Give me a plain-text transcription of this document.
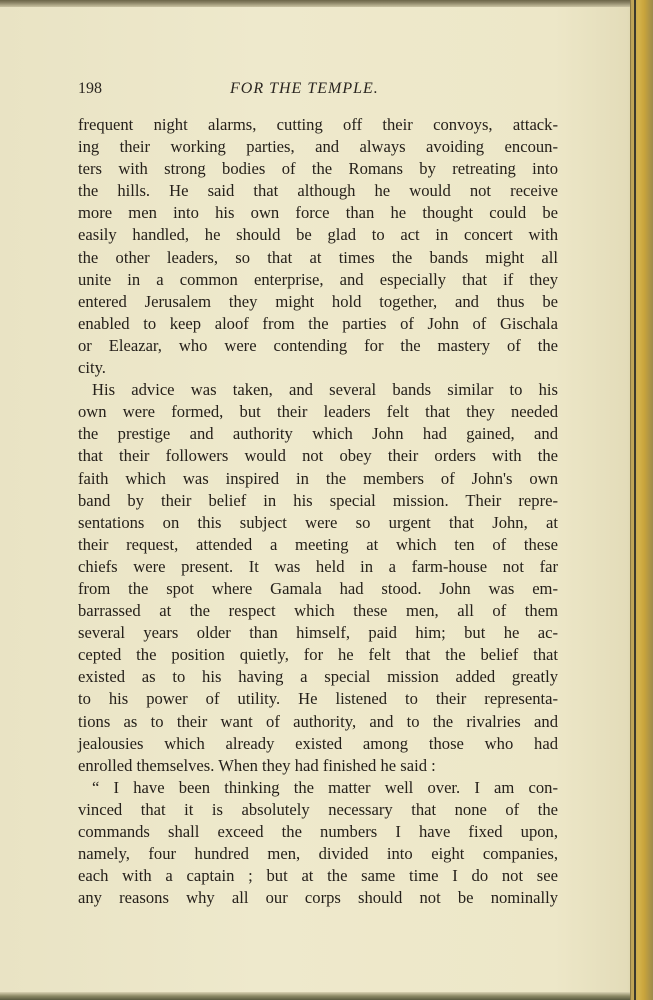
198	FOR THE TEMPLE.
frequent night alarms, cutting off their convoys, attack-
ing their working parties, and always avoiding encoun-
ters with strong bodies of the Romans by retreating into
the hills. He said that although he would not receive
more men into his own force than he thought could be
easily handled, he should be glad to act in concert with
the other leaders, so that at times the bands might all
unite in a common enterprise, and especially that if they
entered Jerusalem they might hold together, and thus be
enabled to keep aloof from the parties of John of Gischala
or Eleazar, who were contending for the mastery of the
city.
His advice was taken, and several bands similar to his
own were formed, but their leaders felt that they needed
the prestige and authority which John had gained, and
that their followers would not obey their orders with the
faith which was inspired in the members of John's own
band by their belief in his special mission. Their repre-
sentations on this subject were so urgent that John, at
their request, attended a meeting at which ten of these
chiefs were present. It was held in a farm-house not far
from the spot where Gamala had stood. John was em-
barrassed at the respect which these men, all of them
several years older than himself, paid him; but he ac-
cepted the position quietly, for he felt that the belief that
existed as to his having a special mission added greatly
to his power of utility. He listened to their representa-
tions as to their want of authority, and to the rivalries and
jealousies which already existed among those who had
enrolled themselves. When they had finished he said :
“ I have been thinking the matter well over. I am con-
vinced that it is absolutely necessary that none of the
commands shall exceed the numbers I have fixed upon,
namely, four hundred men, divided into eight companies,
each with a captain ; but at the same time I do not see
any reasons why all our corps should not be nominally
